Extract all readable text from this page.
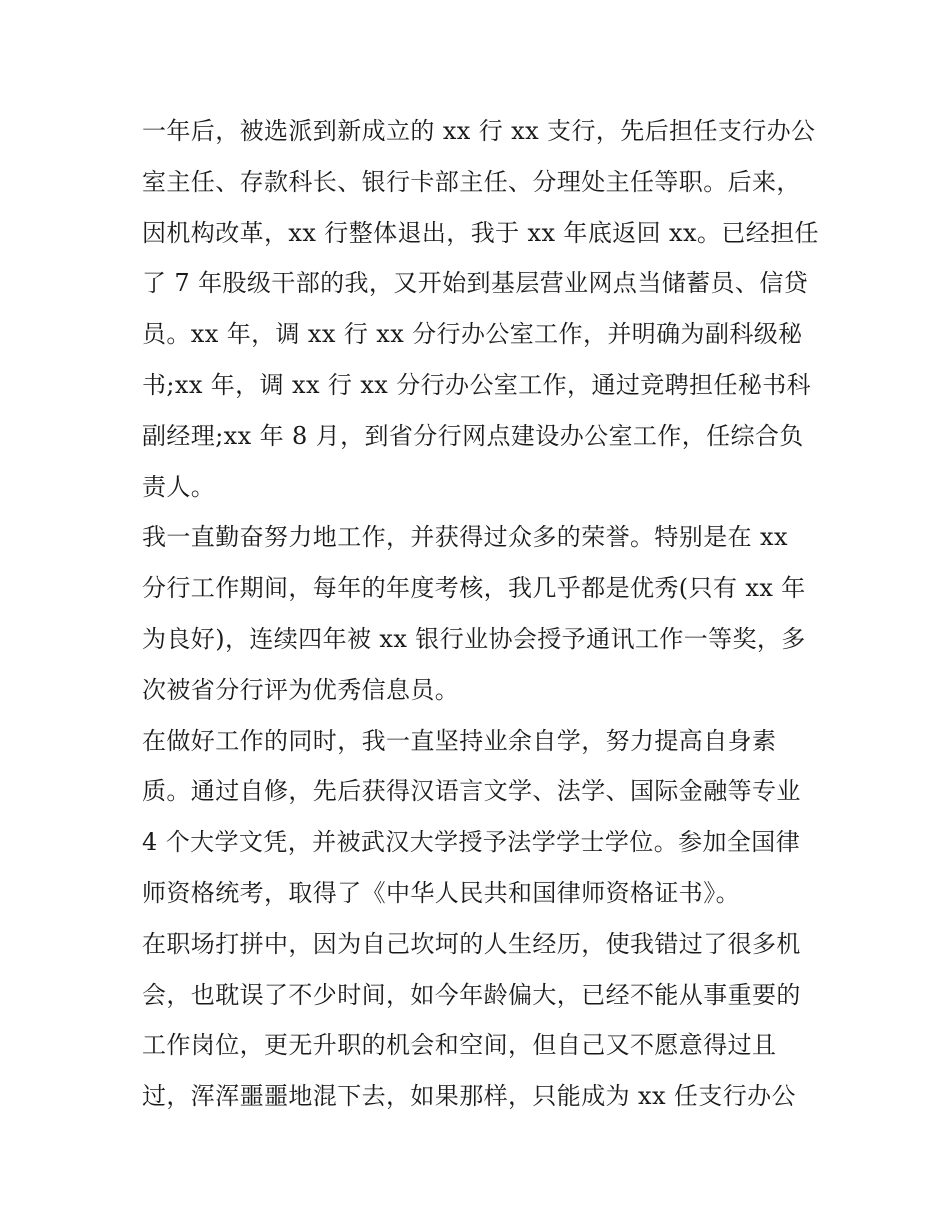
一年后，被选派到新成立的 xx 行 xx 支行，先后担任支行办公
室主任、存款科长、银行卡部主任、分理处主任等职。后来，
因机构改革，xx 行整体退出，我于 xx 年底返回 xx。已经担任
了 7 年股级干部的我，又开始到基层营业网点当储蓄员、信贷
员。xx 年，调 xx 行 xx 分行办公室工作，并明确为副科级秘
书;xx 年，调 xx 行 xx 分行办公室工作，通过竞聘担任秘书科
副经理;xx 年 8 月，到省分行网点建设办公室工作，任综合负
责人。
我一直勤奋努力地工作，并获得过众多的荣誉。特别是在 xx
分行工作期间，每年的年度考核，我几乎都是优秀(只有 xx 年
为良好)，连续四年被 xx 银行业协会授予通讯工作一等奖，多
次被省分行评为优秀信息员。
在做好工作的同时，我一直坚持业余自学，努力提高自身素
质。通过自修，先后获得汉语言文学、法学、国际金融等专业
4 个大学文凭，并被武汉大学授予法学学士学位。参加全国律
师资格统考，取得了《中华人民共和国律师资格证书》。
在职场打拼中，因为自己坎坷的人生经历，使我错过了很多机
会，也耽误了不少时间，如今年龄偏大，已经不能从事重要的
工作岗位，更无升职的机会和空间，但自己又不愿意得过且
过，浑浑噩噩地混下去，如果那样，只能成为 xx 任支行办公
